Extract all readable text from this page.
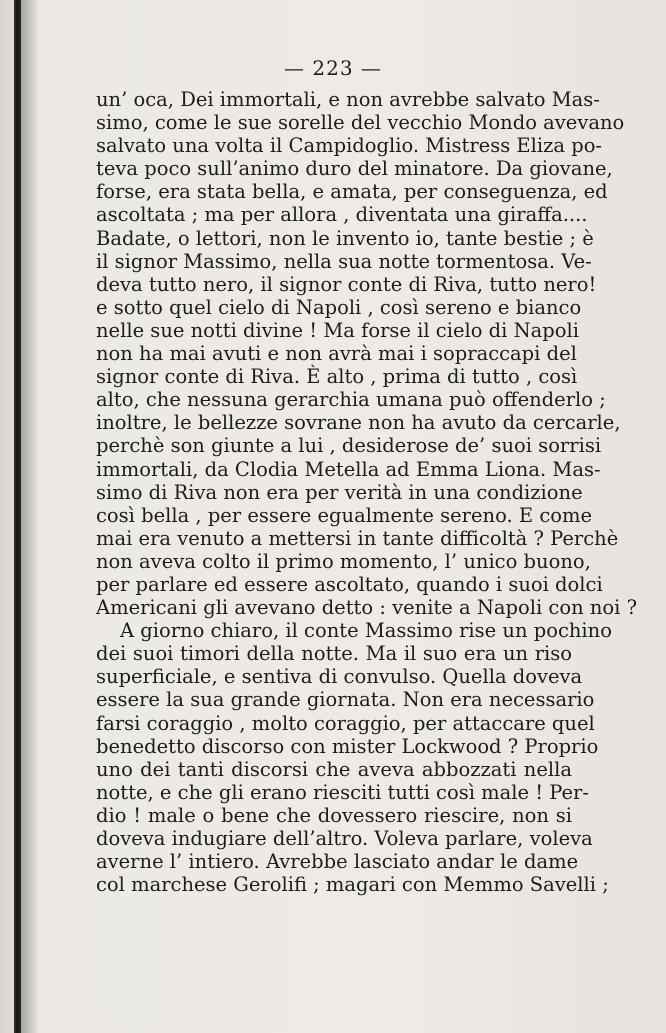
— 223 —
un’ oca, Dei immortali, e non avrebbe salvato Mas-
simo, come le sue sorelle del vecchio Mondo avevano
salvato una volta il Campidoglio. Mistress Eliza po-
teva poco sull’animo duro del minatore. Da giovane,
forse, era stata bella, e amata, per conseguenza, ed
ascoltata ; ma per allora , diventata una giraffa....
Badate, o lettori, non le invento io, tante bestie ; è
il signor Massimo, nella sua notte tormentosa. Ve-
deva tutto nero, il signor conte di Riva, tutto nero!
e sotto quel cielo di Napoli , così sereno e bianco
nelle sue notti divine ! Ma forse il cielo di Napoli
non ha mai avuti e non avrà mai i sopraccapi del
signor conte di Riva. È alto , prima di tutto , così
alto, che nessuna gerarchia umana può offenderlo ;
inoltre, le bellezze sovrane non ha avuto da cercarle,
perchè son giunte a lui , desiderose de’ suoi sorrisi
immortali, da Clodia Metella ad Emma Liona. Mas-
simo di Riva non era per verità in una condizione
così bella , per essere egualmente sereno. E come
mai era venuto a mettersi in tante difficoltà ? Perchè
non aveva colto il primo momento, l’ unico buono,
per parlare ed essere ascoltato, quando i suoi dolci
Americani gli avevano detto : venite a Napoli con noi ?
A giorno chiaro, il conte Massimo rise un pochino
dei suoi timori della notte. Ma il suo era un riso
superficiale, e sentiva di convulso. Quella doveva
essere la sua grande giornata. Non era necessario
farsi coraggio , molto coraggio, per attaccare quel
benedetto discorso con mister Lockwood ? Proprio
uno dei tanti discorsi che aveva abbozzati nella
notte, e che gli erano riesciti tutti così male ! Per-
dio ! male o bene che dovessero riescire, non si
doveva indugiare dell’altro. Voleva parlare, voleva
averne l’ intiero. Avrebbe lasciato andar le dame
col marchese Gerolifi ; magari con Memmo Savelli ;
